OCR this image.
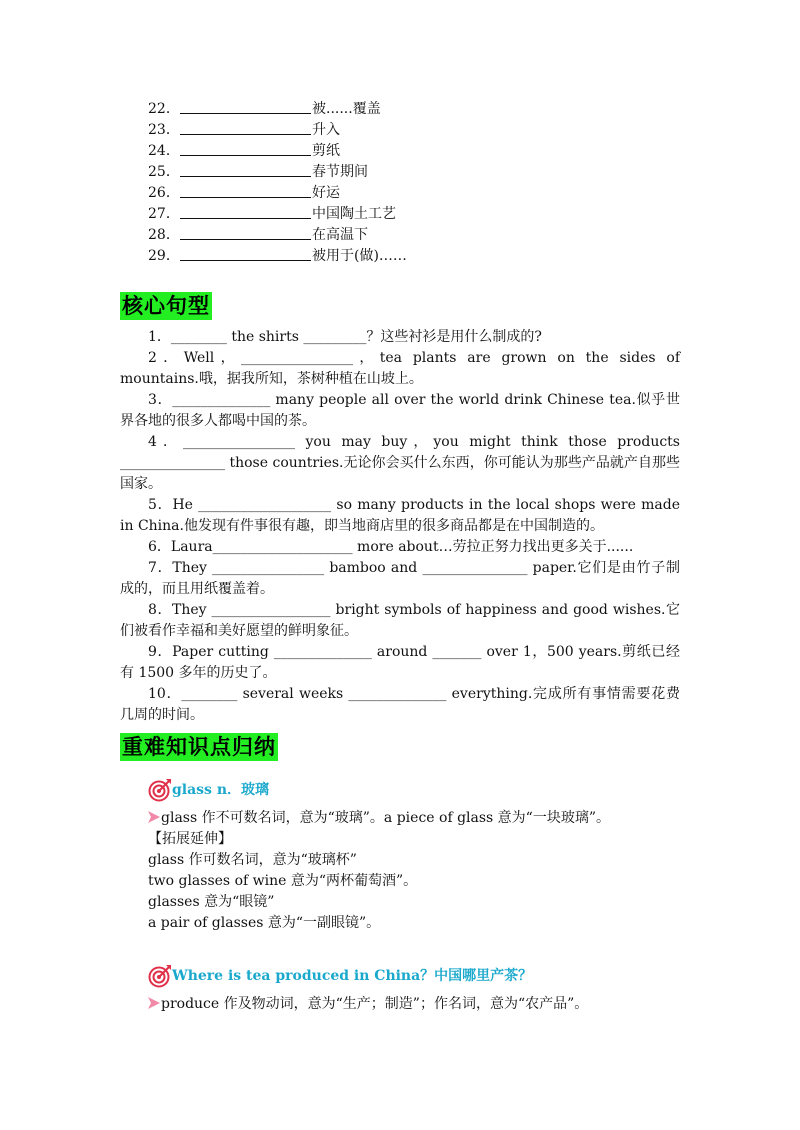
22．	被......覆盖
23．	升入
24．	剪纸
25．	春节期间
26．	好运
27．	中国陶土工艺
28．	在高温下
29．	被用于(做)……
核心句型
1．________ the shirts _________？这些衬衫是用什么制成的?
2．Well，________________，tea plants are grown on the sides of mountains.哦，据我所知，茶树种植在山坡上。
3．______________ many people all over the world drink Chinese tea.似乎世界各地的很多人都喝中国的茶。
4．________________ you may buy，you might think those products _______________ those countries.无论你会买什么东西，你可能认为那些产品就产自那些国家。
5．He ___________________ so many products in the local shops were made in China.他发现有件事很有趣，即当地商店里的很多商品都是在中国制造的。
6．Laura____________________ more about…劳拉正努力找出更多关于......
7．They ________________ bamboo and _______________ paper.它们是由竹子制成的，而且用纸覆盖着。
8．They _________________ bright symbols of happiness and good wishes.它们被看作幸福和美好愿望的鲜明象征。
9．Paper cutting ______________ around _______ over 1，500 years.剪纸已经有 1500 多年的历史了。
10．________ several weeks ______________ everything.完成所有事情需要花费几周的时间。
重难知识点归纳
glass n．玻璃
glass 作不可数名词，意为“玻璃”。a piece of glass 意为“一块玻璃”。
【拓展延伸】
glass 作可数名词，意为“玻璃杯”
two glasses of wine 意为“两杯葡萄酒”。
glasses 意为“眼镜”
a pair of glasses 意为“一副眼镜”。
Where is tea produced in China？中国哪里产茶？
produce 作及物动词，意为“生产；制造”；作名词，意为“农产品”。
